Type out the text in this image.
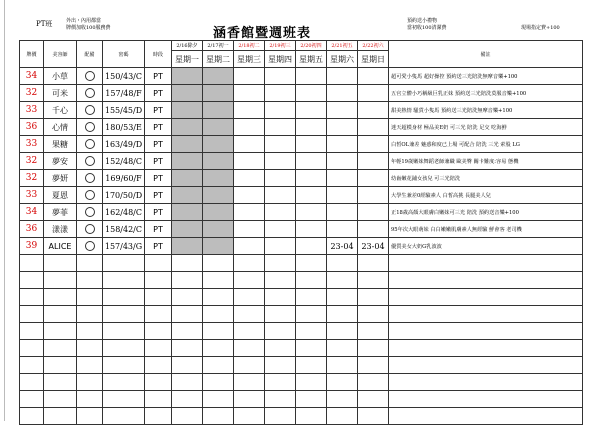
PT班	外出・內用都當
牌價加收100服務費	涵香館暨週班表
預約送小禮物
當初收100清潔費	現場指定費+100
牌價	美容師	配備	密碼	時段	2/16除夕	2/17初一	2/18初二	2/19初三	2/20初四	2/21初五	2/22初六	備註
					星期一	星期二	星期三	星期四	星期五	星期六	星期日	
34	小草		150/43/C	PT								超可愛小隻馬 超好操控 預約送三光陪洗無摩音樂+100
32	可米		157/48/F	PT								五官立體小巧稱級巨乳正妹 預約送三光陪洗莫服音樂+100
33	千心		155/45/D	PT								甜美熱情 騷貨小隻馬 預約送三光陪洗無摩音樂+100
36	心情		180/53/E	PT								迷天超模身材 極品美E奶 可三光 陪洗 足交 吃海鮮
33	果糖		163/49/D	PT								白皙OL兼差 魅惑和度已上場 可配合 陪洗 三光 索股 LG
32	夢安		152/48/C	PT								年輕19歲嫩妹舞蹈老師兼職 歐美臀 關卡難度:容易 態機
32	夢妍		169/60/F	PT								幼齒嫩花鋪女孩兒 可三光陪洗
33	夏恩		170/50/D	PT								大學生兼差0經驗素人 白皙高挑 長腿美人兒
34	夢菲		162/48/C	PT								正18歲高顏大眼膚白嫩妹可三光 陪洗 預約送音樂+100
36	漾漾		158/42/C	PT								95年次大眼萌妹 白白嫩嫩肌膚素人無經驗 鮮會客 老司機
39	ALICE		157/43/G	PT						23-04	23-04	優質美女大奶G乳波波
